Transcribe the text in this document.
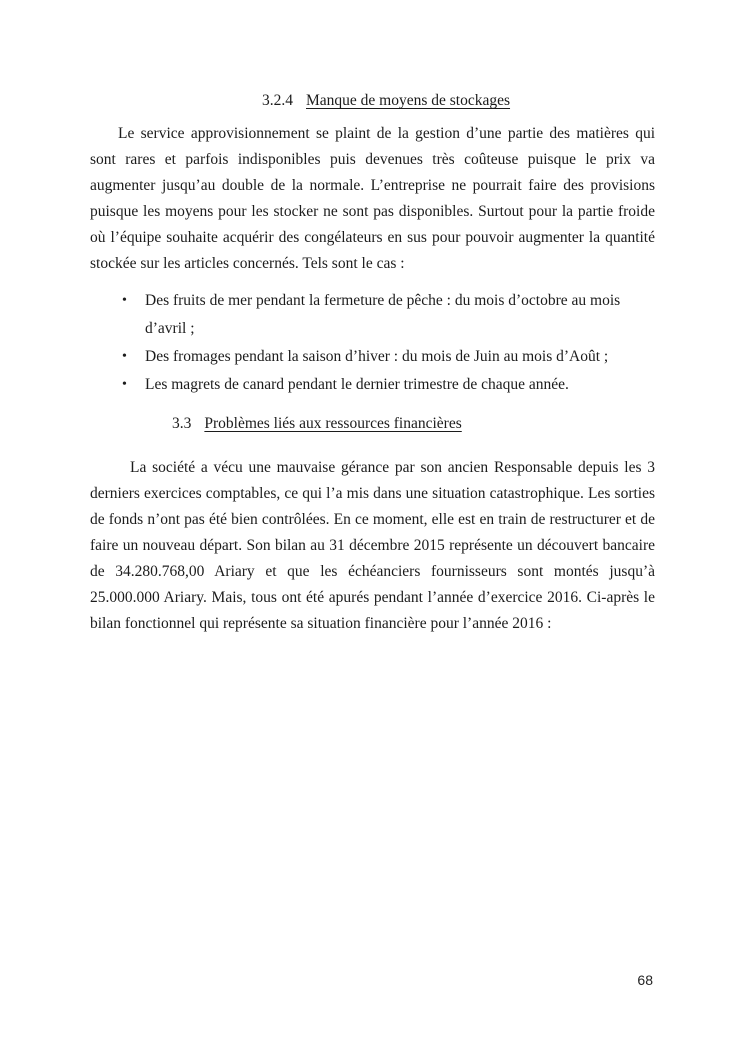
3.2.4 Manque de moyens de stockages

Le service approvisionnement se plaint de la gestion d’une partie des matières qui sont rares et parfois indisponibles puis devenues très coûteuse puisque le prix va augmenter jusqu’au double de la normale. L’entreprise ne pourrait faire des provisions puisque les moyens pour les stocker ne sont pas disponibles. Surtout pour la partie froide où l’équipe souhaite acquérir des congélateurs en sus pour pouvoir augmenter la quantité stockée sur les articles concernés. Tels sont le cas :

•	Des fruits de mer pendant la fermeture de pêche : du mois d’octobre au mois d’avril ;
•	Des fromages pendant la saison d’hiver : du mois de Juin au mois d’Août ;
•	Les magrets de canard pendant le dernier trimestre de chaque année.
3.3 Problèmes liés aux ressources financières

La société a vécu une mauvaise gérance par son ancien Responsable depuis les 3 derniers exercices comptables, ce qui l’a mis dans une situation catastrophique. Les sorties de fonds n’ont pas été bien contrôlées. En ce moment, elle est en train de restructurer et de faire un nouveau départ. Son bilan au 31 décembre 2015 représente un découvert bancaire de 34.280.768,00 Ariary et que les échéanciers fournisseurs sont montés jusqu’à 25.000.000 Ariary. Mais, tous ont été apurés pendant l’année d’exercice 2016. Ci-après le bilan fonctionnel qui représente sa situation financière pour l’année 2016 :

68
